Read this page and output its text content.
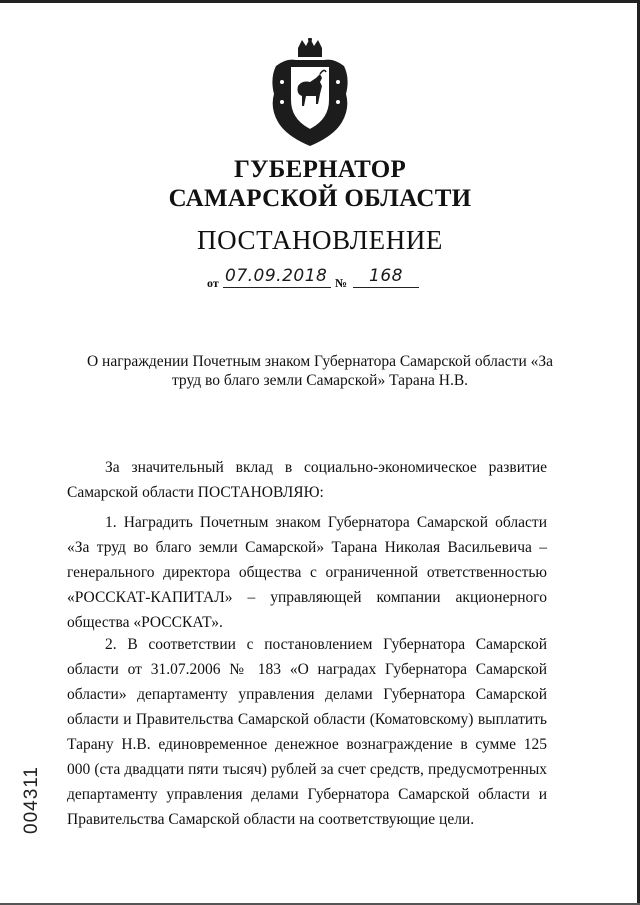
ГУБЕРНАТОР
САМАРСКОЙ ОБЛАСТИ
ПОСТАНОВЛЕНИЕ
от 07.09.2018 № 168
О награждении Почетным знаком Губернатора Самарской области «За труд во благо земли Самарской» Тарана Н.В.
За значительный вклад в социально-экономическое развитие Самарской области ПОСТАНОВЛЯЮ:
1. Наградить Почетным знаком Губернатора Самарской области «За труд во благо земли Самарской» Тарана Николая Васильевича – генерального директора общества с ограниченной ответственностью «РОССКАТ-КАПИТАЛ» – управляющей компании акционерного общества «РОССКАТ».
2. В соответствии с постановлением Губернатора Самарской области от 31.07.2006 № 183 «О наградах Губернатора Самарской области» департаменту управления делами Губернатора Самарской области и Правительства Самарской области (Коматовскому) выплатить Тарану Н.В. единовременное денежное вознаграждение в сумме 125 000 (ста двадцати пяти тысяч) рублей за счет средств, предусмотренных департаменту управления делами Губернатора Самарской области и Правительства Самарской области на соответствующие цели.
004311
